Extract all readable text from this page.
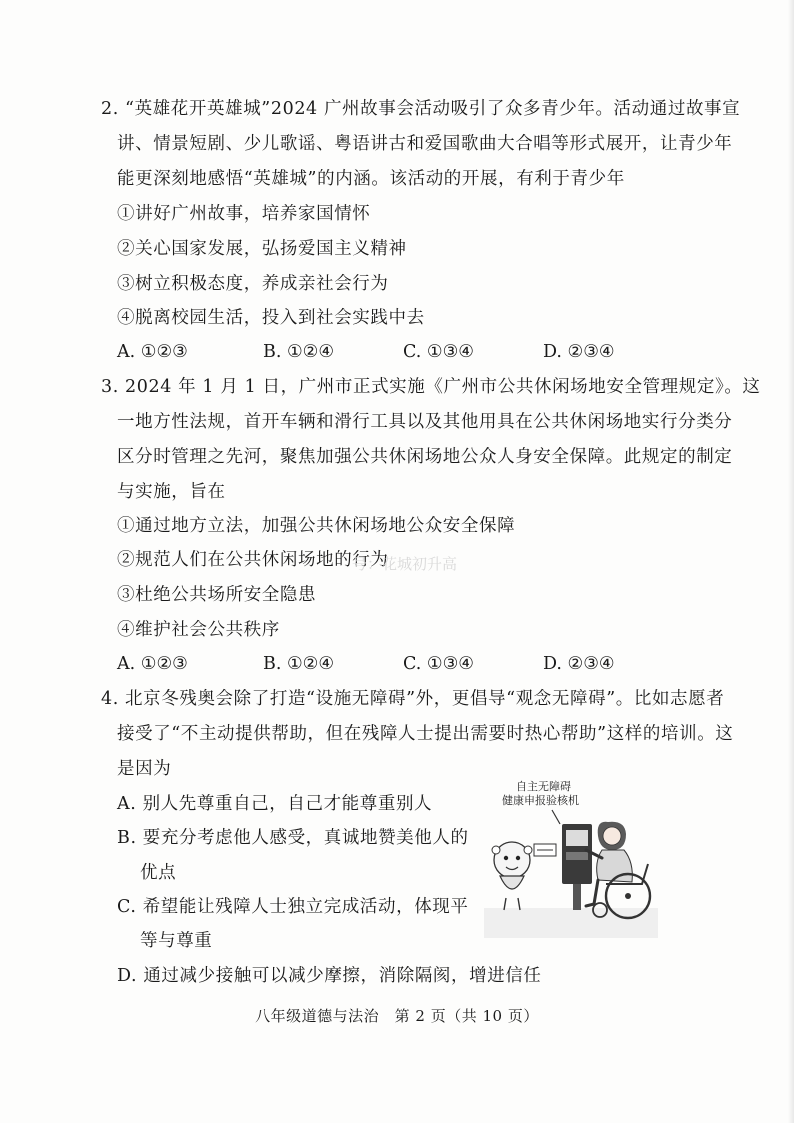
2. “英雄花开英雄城”2024 广州故事会活动吸引了众多青少年。活动通过故事宣
讲、情景短剧、少儿歌谣、粤语讲古和爱国歌曲大合唱等形式展开，让青少年
能更深刻地感悟“英雄城”的内涵。该活动的开展，有利于青少年
①讲好广州故事，培养家国情怀
②关心国家发展，弘扬爱国主义精神
③树立积极态度，养成亲社会行为
④脱离校园生活，投入到社会实践中去
A. ①②③	B. ①②④	C. ①③④	D. ②③④
3. 2024 年 1 月 1 日，广州市正式实施《广州市公共休闲场地安全管理规定》。这
一地方性法规，首开车辆和滑行工具以及其他用具在公共休闲场地实行分类分
区分时管理之先河，聚焦加强公共休闲场地公众人身安全保障。此规定的制定
与实施，旨在
①通过地方立法，加强公共休闲场地公众安全保障
②规范人们在公共休闲场地的行为
③杜绝公共场所安全隐患
④维护社会公共秩序
A. ①②③	B. ①②④	C. ①③④	D. ②③④
4. 北京冬残奥会除了打造“设施无障碍”外，更倡导“观念无障碍”。比如志愿者
接受了“不主动提供帮助，但在残障人士提出需要时热心帮助”这样的培训。这
是因为
A. 别人先尊重自己，自己才能尊重别人
B. 要充分考虑他人感受，真诚地赞美他人的
优点
C. 希望能让残障人士独立完成活动，体现平
等与尊重
D. 通过减少接触可以减少摩擦，消除隔阂，增进信任
自主无障碍
健康申报验核机
号：花城初升高
八年级道德与法治　第 2 页（共 10 页）
